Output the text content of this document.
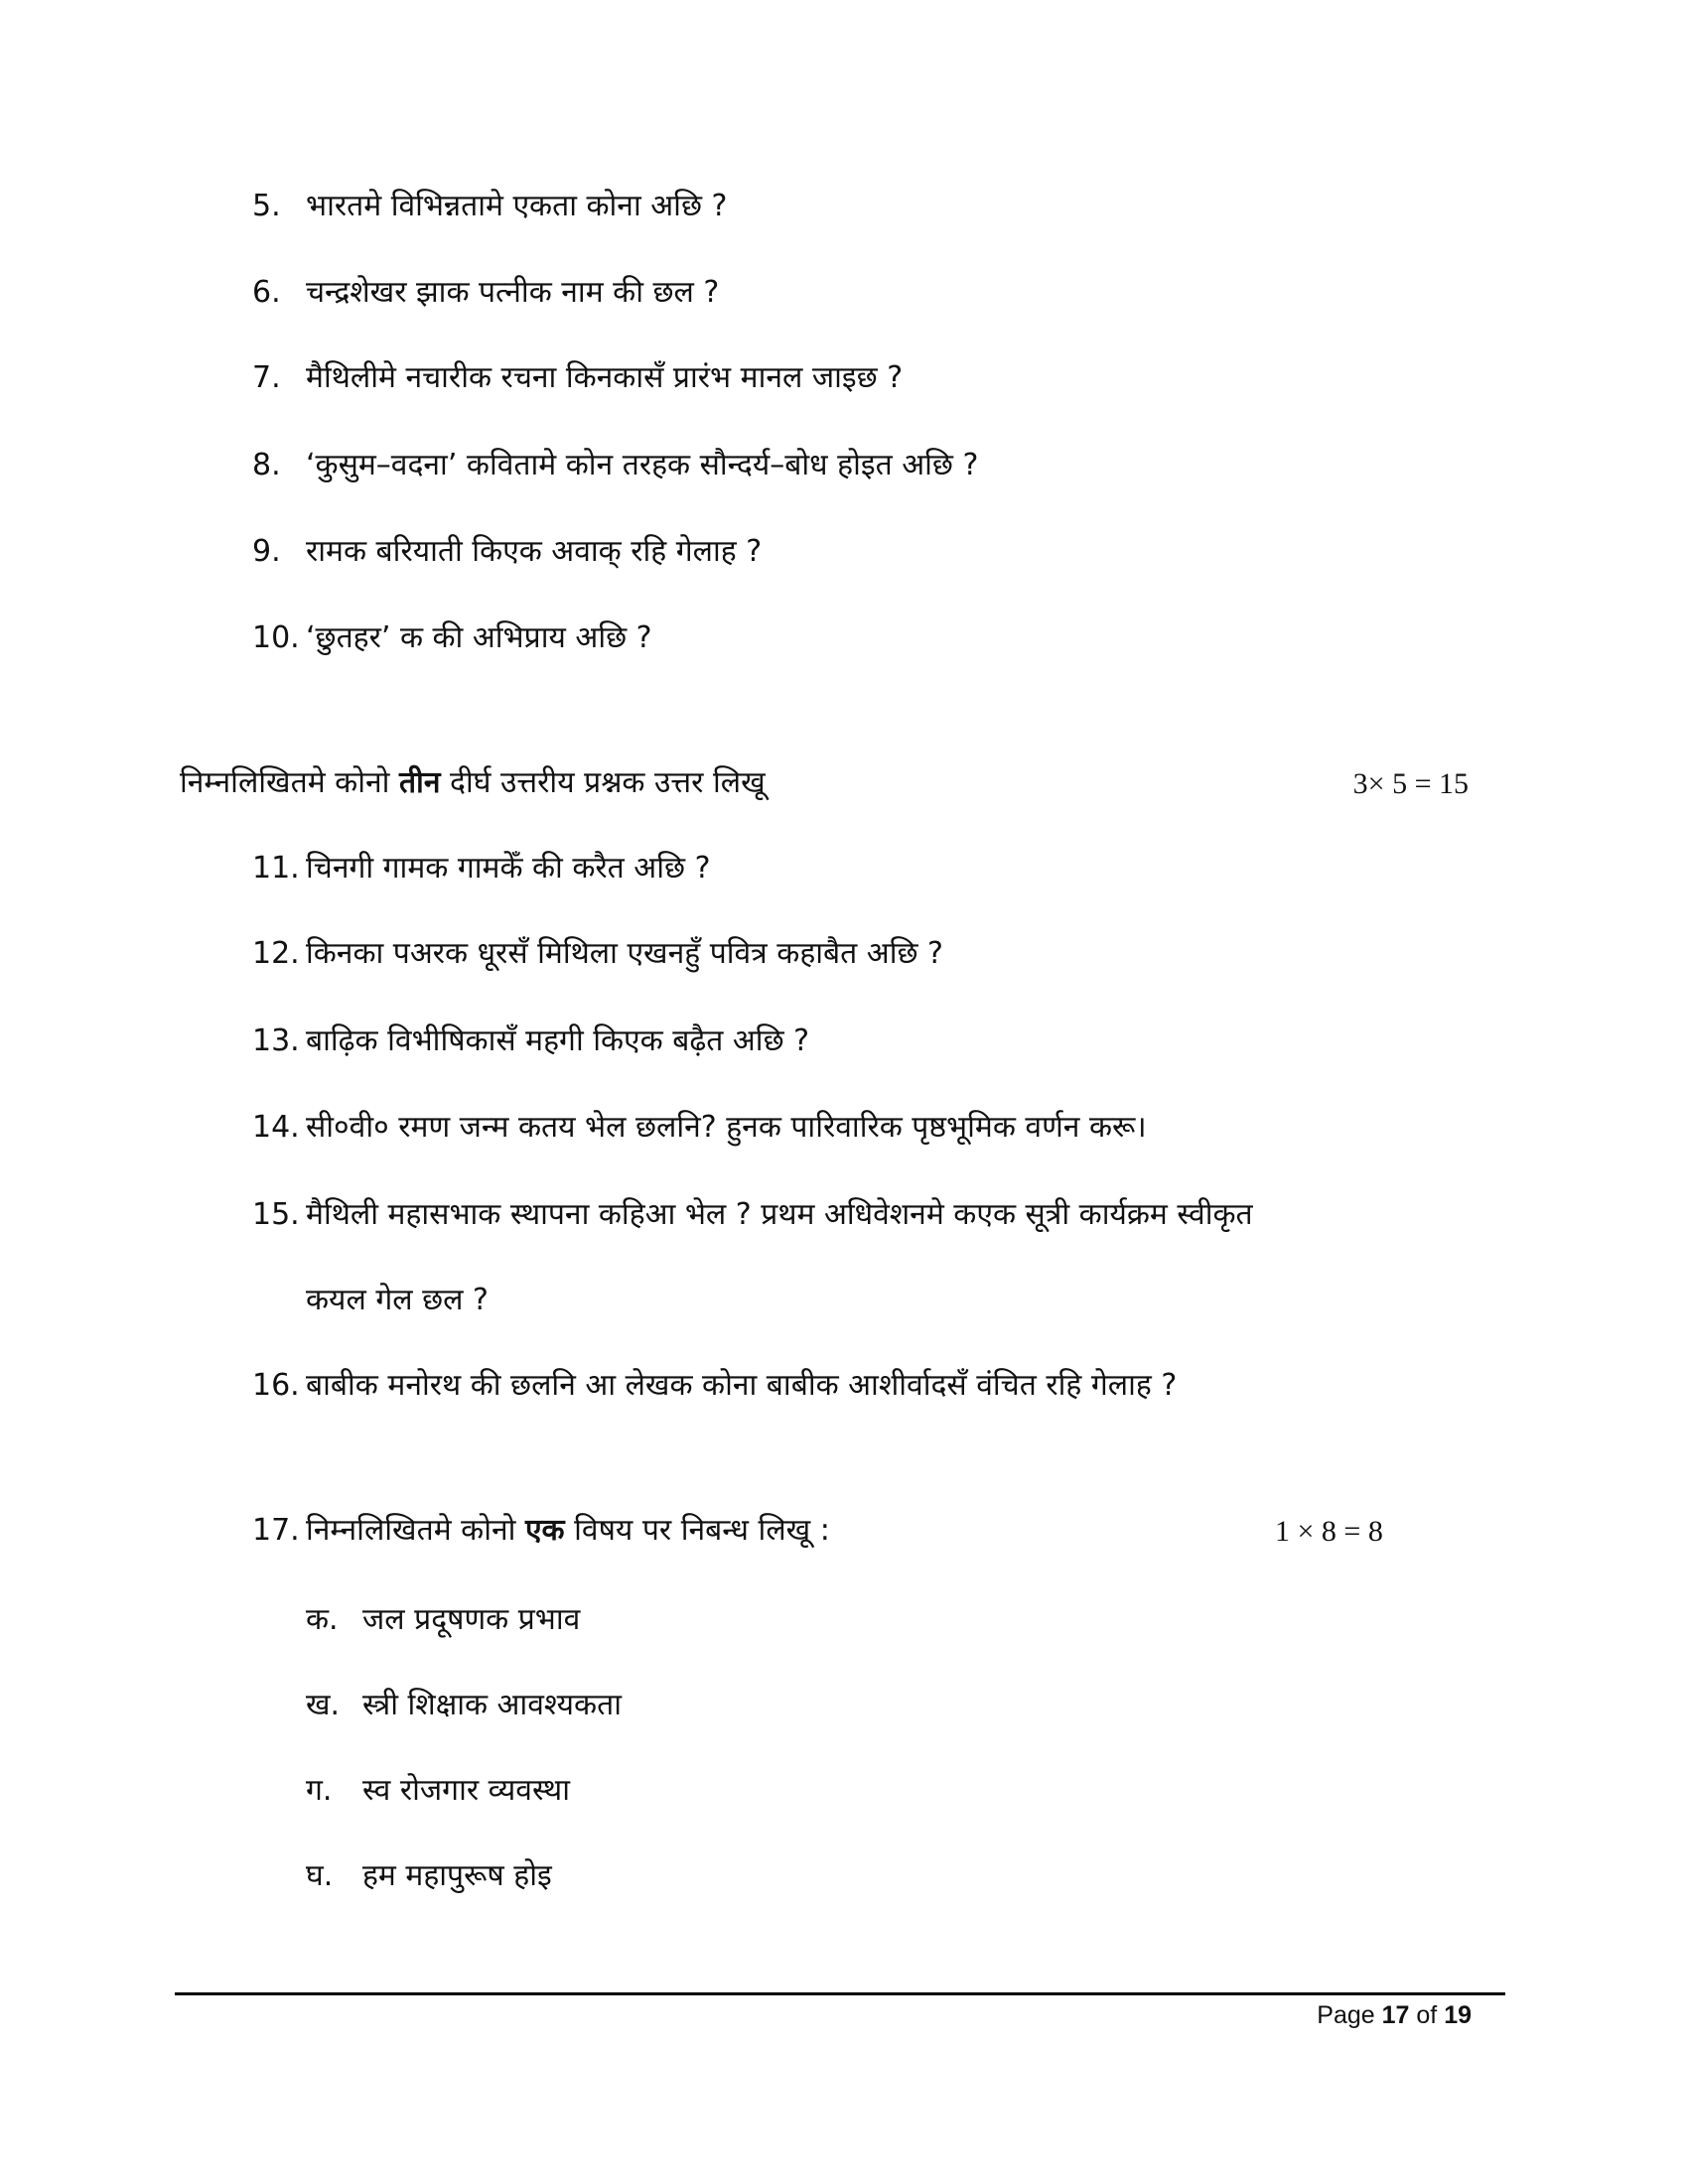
5. भारतमे विभिन्नतामे एकता कोना अछि ?
6. चन्द्रशेखर झाक पत्नीक नाम की छल ?
7. मैथिलीमे नचारीक रचना किनकासँ प्रारंभ मानल जाइछ ?
8. ‘कुसुम–वदना’ कवितामे कोन तरहक सौन्दर्य–बोध होइत अछि ?
9. रामक बरियाती किएक अवाक् रहि गेलाह ?
10. ‘छुतहर’ क की अभिप्राय अछि ?
निम्नलिखितमे कोनो तीन दीर्घ उत्तरीय प्रश्नक उत्तर लिखू	3× 5 = 15
11. चिनगी गामक गामकेँ की करैत अछि ?
12. किनका पअरक धूरसँ मिथिला एखनहुँ पवित्र कहाबैत अछि ?
13. बाढ़िक विभीषिकासँ महगी किएक बढ़ैत अछि ?
14. सी०वी० रमण जन्म कतय भेल छलनि? हुनक पारिवारिक पृष्ठभूमिक वर्णन करू।
15. मैथिली महासभाक स्थापना कहिआ भेल ? प्रथम अधिवेशनमे कएक सूत्री कार्यक्रम स्वीकृत
कयल गेल छल ?
16. बाबीक मनोरथ की छलनि आ लेखक कोना बाबीक आशीर्वादसँ वंचित रहि गेलाह ?
17. निम्नलिखितमे कोनो एक विषय पर निबन्ध लिखू :	1 × 8 = 8
क. जल प्रदूषणक प्रभाव
ख. स्त्री शिक्षाक आवश्यकता
ग. स्व रोजगार व्यवस्था
घ. हम महापुरूष होइ
Page 17 of 19
